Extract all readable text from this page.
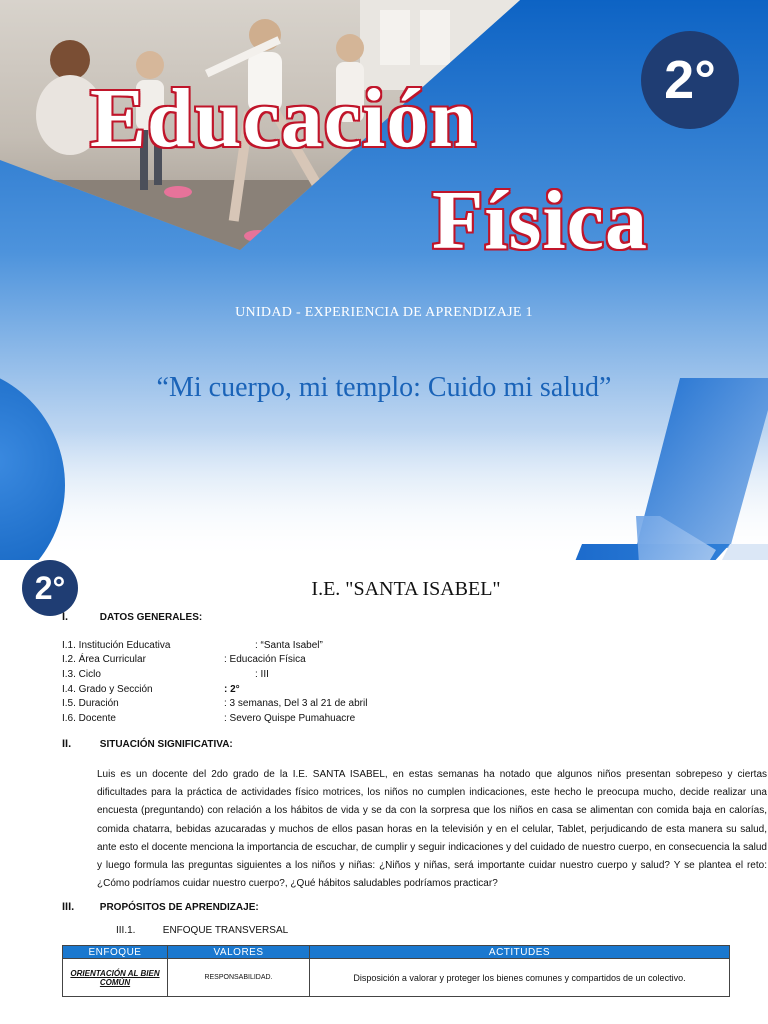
Educación
Física
2°
UNIDAD - EXPERIENCIA DE APRENDIZAJE 1
“Mi cuerpo, mi templo: Cuido mi salud”
2°	I.E. "SANTA ISABEL"
I.	DATOS GENERALES:
I.1. Institución Educativa	: “Santa Isabel”
I.2. Área Curricular	: Educación Física
I.3. Ciclo	: III
I.4. Grado y Sección	: 2°
I.5. Duración	: 3 semanas, Del 3 al 21 de abril
I.6. Docente	: Severo Quispe Pumahuacre
II.	SITUACIÓN SIGNIFICATIVA:

Luis es un docente del 2do grado de la I.E. SANTA ISABEL, en estas semanas ha notado que algunos niños presentan sobrepeso y ciertas dificultades para la práctica de actividades físico motrices, los niños no cumplen indicaciones, este hecho le preocupa mucho, decide realizar una encuesta (preguntando) con relación a los hábitos de vida y se da con la sorpresa que los niños en casa se alimentan con comida baja en calorías, comida chatarra, bebidas azucaradas y muchos de ellos pasan horas en la televisión y en el celular, Tablet, perjudicando de esta manera su salud, ante esto el docente menciona la importancia de escuchar, de cumplir y seguir indicaciones y del cuidado de nuestro cuerpo, en consecuencia la salud y luego formula las preguntas siguientes a los niños y niñas: ¿Niños y niñas, será importante cuidar nuestro cuerpo y salud? Y se plantea el reto: ¿Cómo podríamos cuidar nuestro cuerpo?, ¿Qué hábitos saludables podríamos practicar?

III.	PROPÓSITOS DE APRENDIZAJE:
III.1.	ENFOQUE TRANSVERSAL
ENFOQUE	VALORES	ACTITUDES
ORIENTACIÓN AL BIEN COMÚN	RESPONSABILIDAD.	Disposición a valorar y proteger los bienes comunes y compartidos de un colectivo.
